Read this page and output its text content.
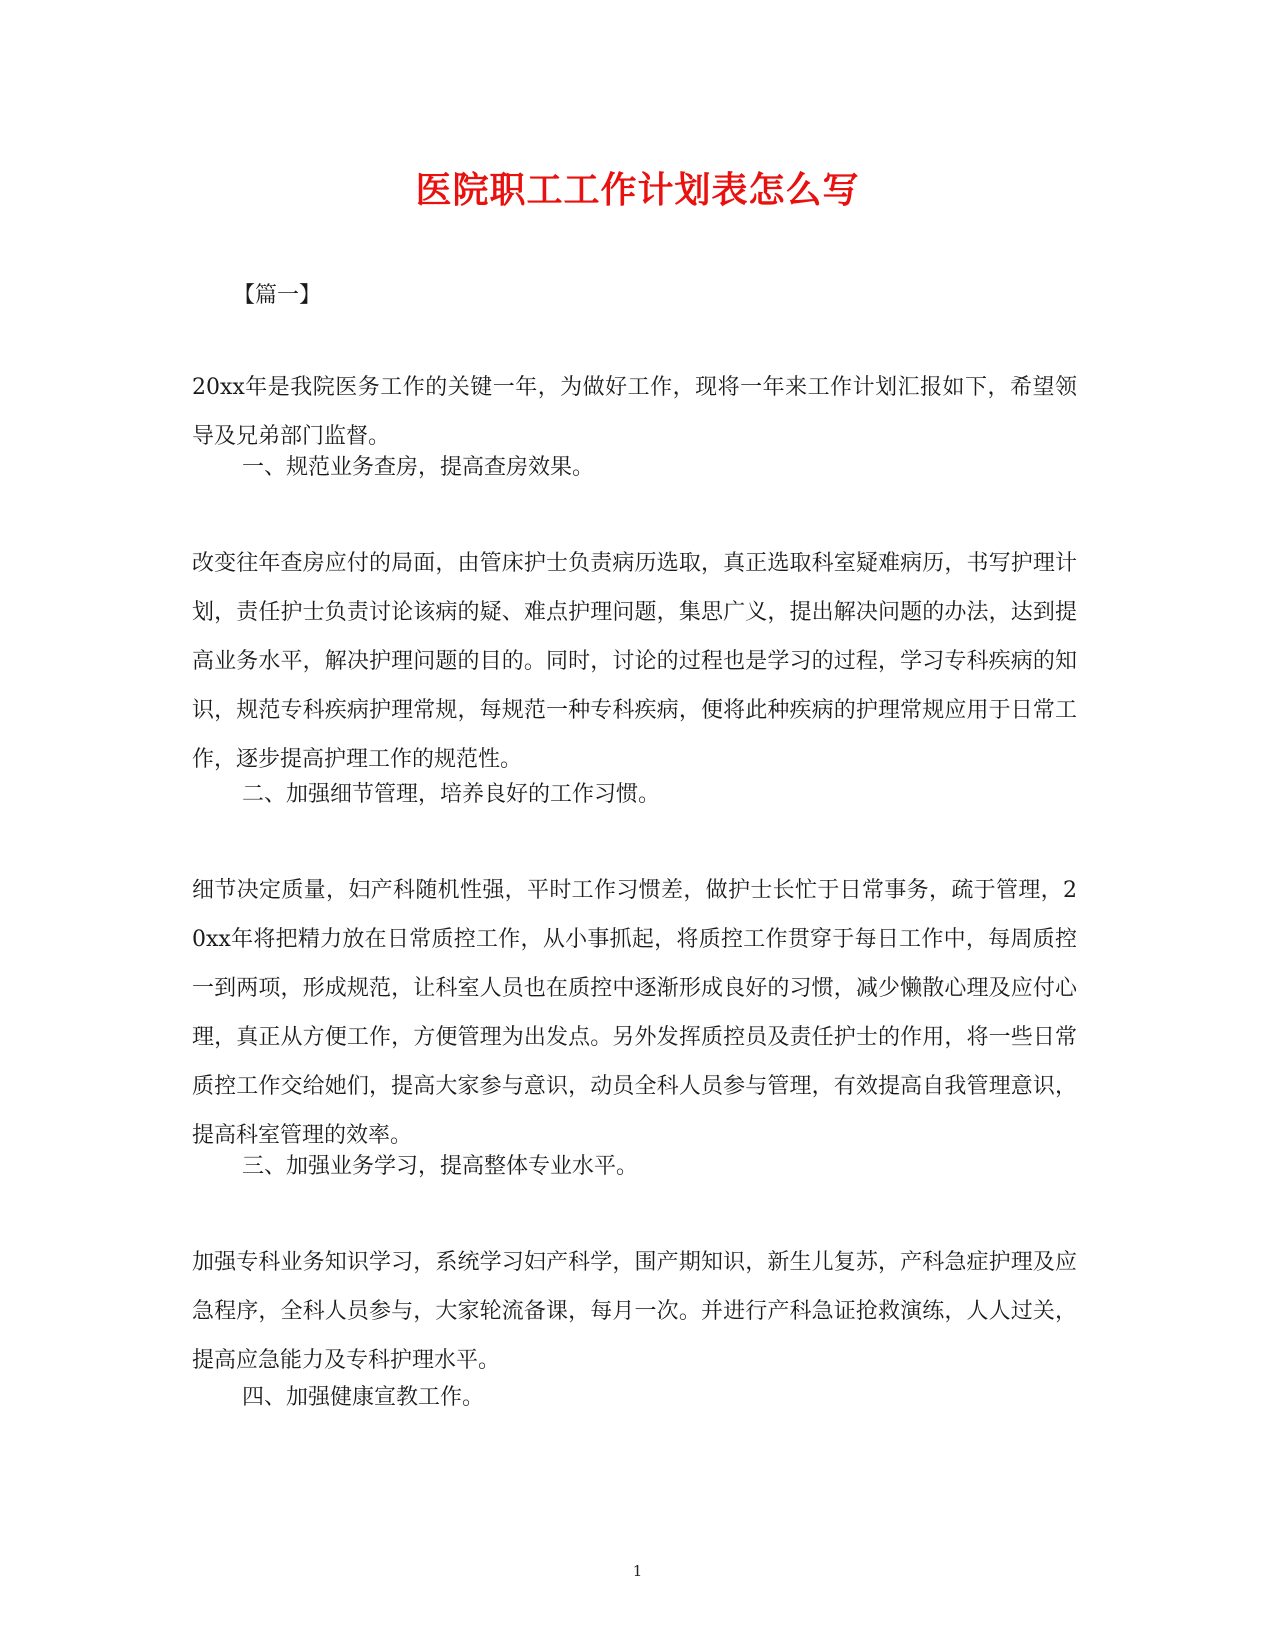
医院职工工作计划表怎么写

【篇一】

20xx年是我院医务工作的关键一年，为做好工作，现将一年来工作计划汇报如下，希望领导及兄弟部门监督。

一、规范业务查房，提高查房效果。

改变往年查房应付的局面，由管床护士负责病历选取，真正选取科室疑难病历，书写护理计划，责任护士负责讨论该病的疑、难点护理问题，集思广义，提出解决问题的办法，达到提高业务水平，解决护理问题的目的。同时，讨论的过程也是学习的过程，学习专科疾病的知识，规范专科疾病护理常规，每规范一种专科疾病，便将此种疾病的护理常规应用于日常工作，逐步提高护理工作的规范性。

二、加强细节管理，培养良好的工作习惯。

细节决定质量，妇产科随机性强，平时工作习惯差，做护士长忙于日常事务，疏于管理，20xx年将把精力放在日常质控工作，从小事抓起，将质控工作贯穿于每日工作中，每周质控一到两项，形成规范，让科室人员也在质控中逐渐形成良好的习惯，减少懒散心理及应付心理，真正从方便工作，方便管理为出发点。另外发挥质控员及责任护士的作用，将一些日常质控工作交给她们，提高大家参与意识，动员全科人员参与管理，有效提高自我管理意识，提高科室管理的效率。

三、加强业务学习，提高整体专业水平。

加强专科业务知识学习，系统学习妇产科学，围产期知识，新生儿复苏，产科急症护理及应急程序，全科人员参与，大家轮流备课，每月一次。并进行产科急证抢救演练，人人过关，提高应急能力及专科护理水平。

四、加强健康宣教工作。

1
